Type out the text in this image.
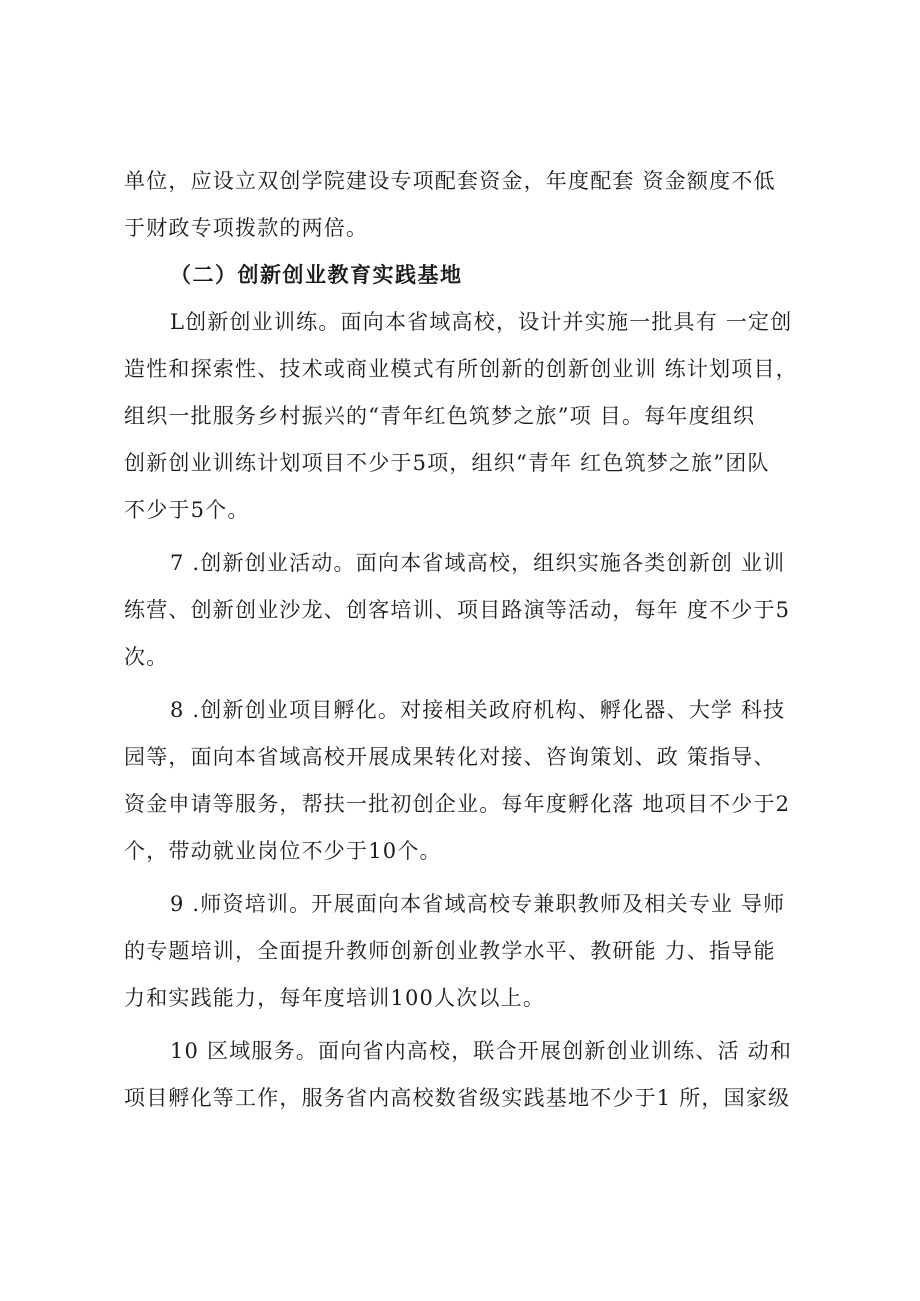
单位，应设立双创学院建设专项配套资金，年度配套 资金额度不低
于财政专项拨款的两倍。
（二）创新创业教育实践基地
L创新创业训练。面向本省域高校，设计并实施一批具有 一定创
造性和探索性、技术或商业模式有所创新的创新创业训 练计划项目，
组织一批服务乡村振兴的“青年红色筑梦之旅”项 目。每年度组织
创新创业训练计划项目不少于5项，组织“青年 红色筑梦之旅”团队
不少于5个。
7 .创新创业活动。面向本省域高校，组织实施各类创新创 业训
练营、创新创业沙龙、创客培训、项目路演等活动，每年 度不少于5
次。
8 .创新创业项目孵化。对接相关政府机构、孵化器、大学 科技
园等，面向本省域高校开展成果转化对接、咨询策划、政 策指导、
资金申请等服务，帮扶一批初创企业。每年度孵化落 地项目不少于2
个，带动就业岗位不少于10个。
9 .师资培训。开展面向本省域高校专兼职教师及相关专业 导师
的专题培训，全面提升教师创新创业教学水平、教研能 力、指导能
力和实践能力，每年度培训100人次以上。
10 区域服务。面向省内高校，联合开展创新创业训练、活 动和
项目孵化等工作，服务省内高校数省级实践基地不少于1 所，国家级
